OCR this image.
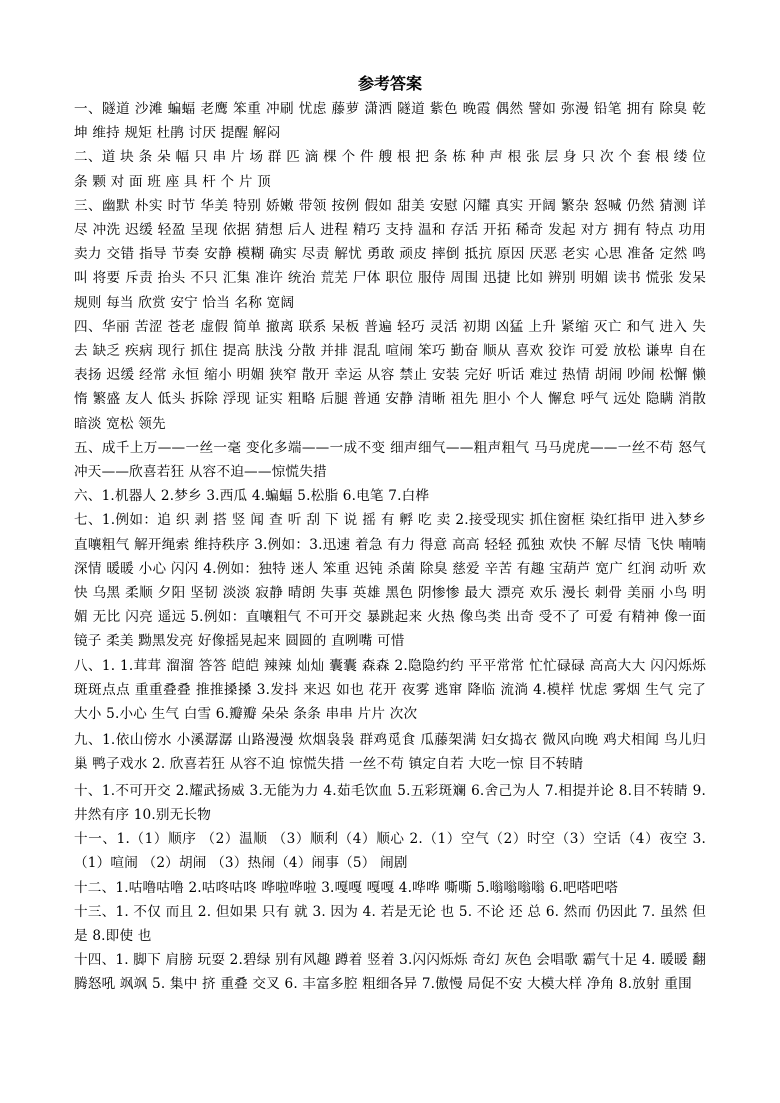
参考答案

一、隧道 沙滩 蝙蝠 老鹰 笨重 冲刷 忧虑 藤萝 潇洒 隧道 紫色 晚霞 偶然 譬如 弥漫 铅笔 拥有 除臭 乾坤 维持 规矩 杜鹃 讨厌 提醒 解闷

二、道 块 条 朵 幅 只 串 片 场 群 匹 滴 棵 个 件 艘 根 把 条 栋 种 声 根 张 层 身 只 次 个 套 根 缕 位 条 颗 对 面 班 座 具 杆 个 片 顶

三、幽默 朴实 时节 华美 特别 娇嫩 带领 按例 假如 甜美 安慰 闪耀 真实 开阔 繁杂 怒喊 仍然 猜测 详尽 冲洗 迟缓 轻盈 呈现 依据 猜想 后人 进程 精巧 支持 温和 存活 开拓 稀奇 发起 对方 拥有 特点 功用 卖力 交错 指导 节奏 安静 模糊 确实 尽责 解忧 勇敢 顽皮 摔倒 抵抗 原因 厌恶 老实 心思 准备 定然 鸣叫 将要 斥责 抬头 不只 汇集 准许 统治 荒芜 尸体 职位 服侍 周围 迅捷 比如 辨别 明媚 读书 慌张 发呆 规则 每当 欣赏 安宁 恰当 名称 宽阔

四、华丽 苦涩 苍老 虚假 简单 撤离 联系 呆板 普遍 轻巧 灵活 初期 凶猛 上升 紧缩 灭亡 和气 进入 失去 缺乏 疾病 现行 抓住 提高 肤浅 分散 并排 混乱 喧闹 笨巧 勤奋 顺从 喜欢 狡诈 可爱 放松 谦卑 自在 表扬 迟缓 经常 永恒 缩小 明媚 狭窄 散开 幸运 从容 禁止 安装 完好 听话 难过 热情 胡闹 吵闹 松懈 懒惰 繁盛 友人 低头 拆除 浮现 证实 粗略 后腿 普通 安静 清晰 祖先 胆小 个人 懈怠 呼气 远处 隐瞒 消散 暗淡 宽松 领先

五、成千上万——一丝一毫 变化多端——一成不变 细声细气——粗声粗气 马马虎虎——一丝不苟 怒气冲天——欣喜若狂 从容不迫——惊慌失措

六、1.机器人 2.梦乡 3.西瓜 4.蝙蝠 5.松脂 6.电笔 7.白桦

七、1.例如：追 织 剥 搭 竖 闻 查 听 刮 下 说 摇 有 孵 吃 卖 2.接受现实 抓住窗框 染红指甲 进入梦乡 直嚷粗气 解开绳索 维持秩序 3.例如：3.迅速 着急 有力 得意 高高 轻轻 孤独 欢快 不解 尽情 飞快 喃喃 深情 暖暖 小心 闪闪 4.例如：独特 迷人 笨重 迟钝 杀菌 除臭 慈爱 辛苦 有趣 宝葫芦 宽广 红润 动听 欢快 乌黑 柔顺 夕阳 坚韧 淡淡 寂静 晴朗 失事 英雄 黑色 阴惨惨 最大 漂亮 欢乐 漫长 刺骨 美丽 小鸟 明媚 无比 闪亮 遥远 5.例如：直嚷粗气 不可开交 暴跳起来 火热 像鸟类 出奇 受不了 可爱 有精神 像一面镜子 柔美 黝黑发亮 好像摇晃起来 圆圆的 直咧嘴 可惜

八、1. 1.茸茸 溜溜 答答 皑皑 辣辣 灿灿 囊囊 森森 2.隐隐约约 平平常常 忙忙碌碌 高高大大 闪闪烁烁 斑斑点点 重重叠叠 推推搡搡 3.发抖 来迟 如也 花开 夜雾 逃窜 降临 流淌 4.模样 忧虑 雾烟 生气 完了 大小 5.小心 生气 白雪 6.瓣瓣 朵朵 条条 串串 片片 次次

九、1.依山傍水 小溪潺潺 山路漫漫 炊烟袅袅 群鸡觅食 瓜藤架满 妇女捣衣 微风向晚 鸡犬相闻 鸟儿归巢 鸭子戏水 2. 欣喜若狂 从容不迫 惊慌失措 一丝不苟 镇定自若 大吃一惊 目不转睛

十、1.不可开交 2.耀武扬威 3.无能为力 4.茹毛饮血 5.五彩斑斓 6.舍己为人 7.相提并论 8.目不转睛 9.井然有序 10.别无长物

十一、1.（1）顺序 （2）温顺 （3）顺利（4）顺心 2.（1）空气（2）时空（3）空话（4）夜空 3.（1）喧闹 （2）胡闹 （3）热闹（4）闹事（5） 闹剧

十二、1.咕噜咕噜 2.咕咚咕咚 哗啦哗啦 3.嘎嘎 嘎嘎 4.哗哗 嘶嘶 5.嗡嗡嗡嗡 6.吧嗒吧嗒

十三、1. 不仅 而且 2. 但如果 只有 就 3. 因为 4. 若是无论 也 5. 不论 还 总 6. 然而 仍因此 7. 虽然 但是 8.即使 也

十四、1. 脚下 肩膀 玩耍 2.碧绿 别有风趣 蹲着 竖着 3.闪闪烁烁 奇幻 灰色 会唱歌 霸气十足 4. 暖暖 翻腾怒吼 飒飒 5. 集中 挤 重叠 交叉 6. 丰富多腔 粗细各异 7.傲慢 局促不安 大模大样 净角 8.放射 重围
